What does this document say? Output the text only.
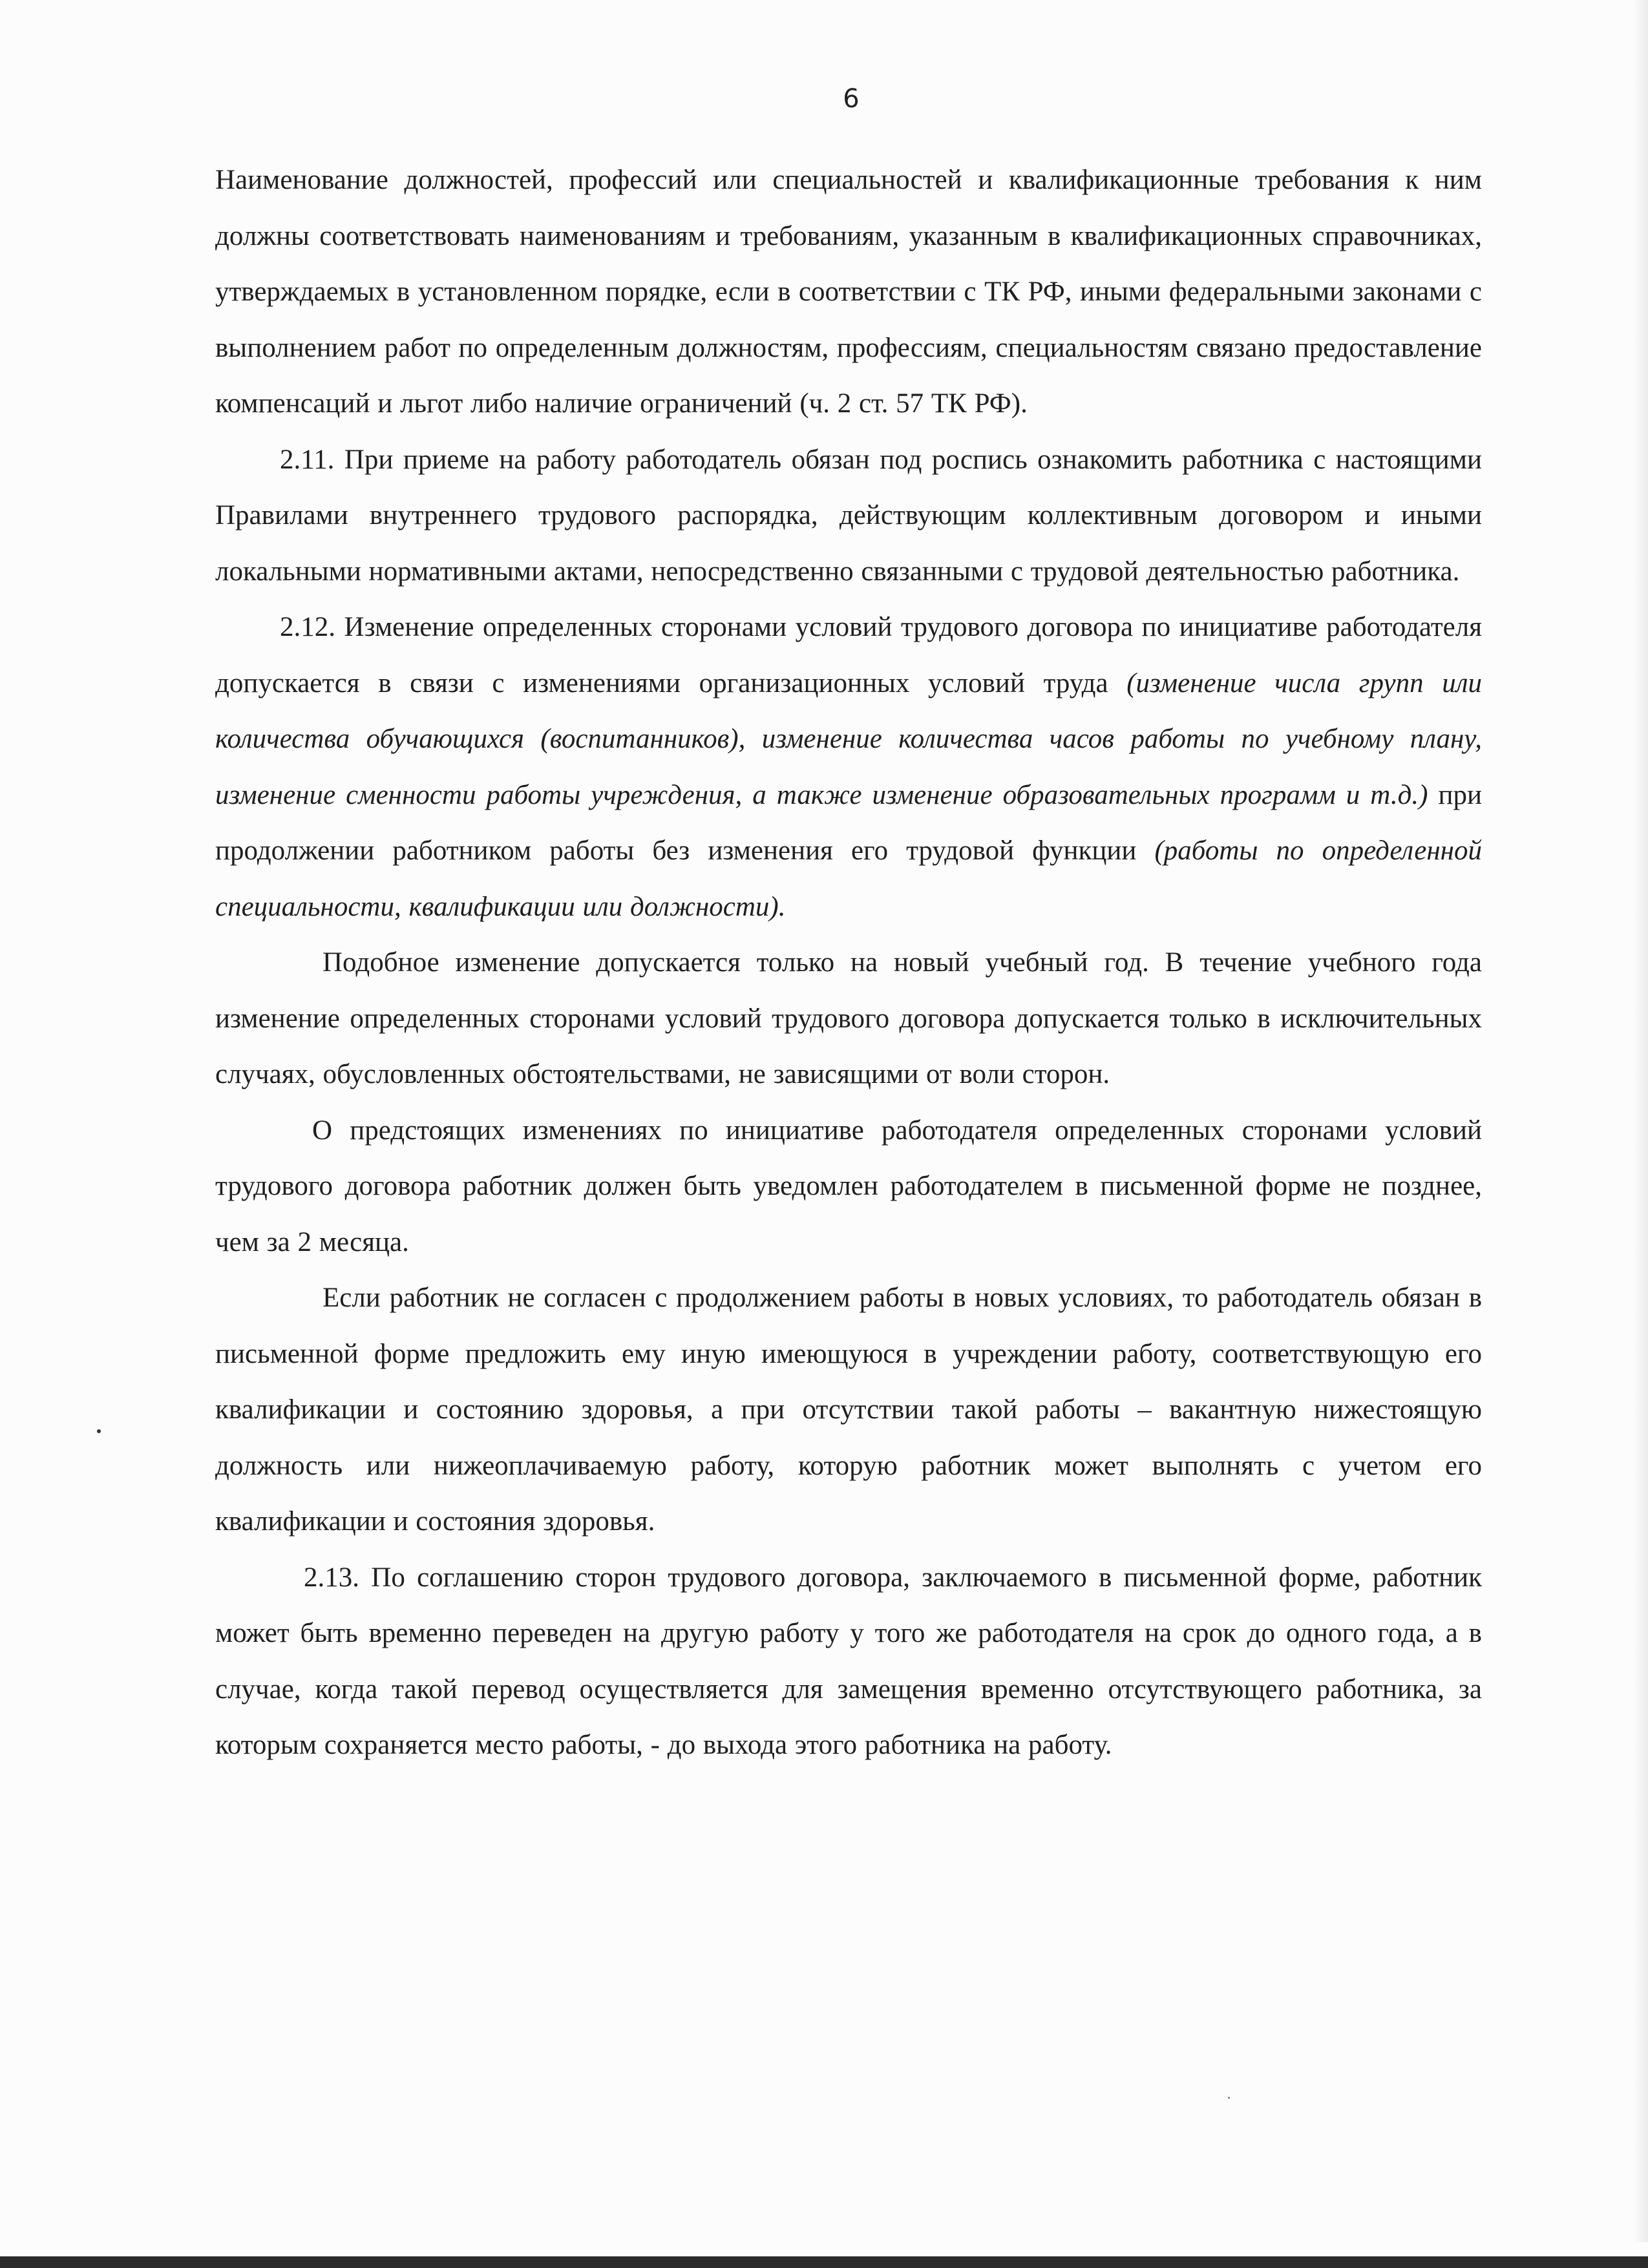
6

Наименование должностей, профессий или специальностей и квалификационные требования к ним должны соответствовать наименованиям и требованиям, указанным в квалификационных справочниках, утверждаемых в установленном порядке, если в соответствии с ТК РФ, иными федеральными законами с выполнением работ по определенным должностям, профессиям, специальностям связано предоставление компенсаций и льгот либо наличие ограничений (ч. 2 ст. 57 ТК РФ).

2.11. При приеме на работу работодатель обязан под роспись ознакомить работника с настоящими Правилами внутреннего трудового распорядка, действующим коллективным договором и иными локальными нормативными актами, непосредственно связанными с трудовой деятельностью работника.

2.12. Изменение определенных сторонами условий трудового договора по инициативе работодателя допускается в связи с изменениями организационных условий труда (изменение числа групп или количества обучающихся (воспитанников), изменение количества часов работы по учебному плану, изменение сменности работы учреждения, а также изменение образовательных программ и т.д.) при продолжении работником работы без изменения его трудовой функции (работы по определенной специальности, квалификации или должности).

Подобное изменение допускается только на новый учебный год. В течение учебного года изменение определенных сторонами условий трудового договора допускается только в исключительных случаях, обусловленных обстоятельствами, не зависящими от воли сторон.

О предстоящих изменениях по инициативе работодателя определенных сторонами условий трудового договора работник должен быть уведомлен работодателем в письменной форме не позднее, чем за 2 месяца.

Если работник не согласен с продолжением работы в новых условиях, то работодатель обязан в письменной форме предложить ему иную имеющуюся в учреждении работу, соответствующую его квалификации и состоянию здоровья, а при отсутствии такой работы – вакантную нижестоящую должность или нижеоплачиваемую работу, которую работник может выполнять с учетом его квалификации и состояния здоровья.

2.13. По соглашению сторон трудового договора, заключаемого в письменной форме, работник может быть временно переведен на другую работу у того же работодателя на срок до одного года, а в случае, когда такой перевод осуществляется для замещения временно отсутствующего работника, за которым сохраняется место работы, - до выхода этого работника на работу.
